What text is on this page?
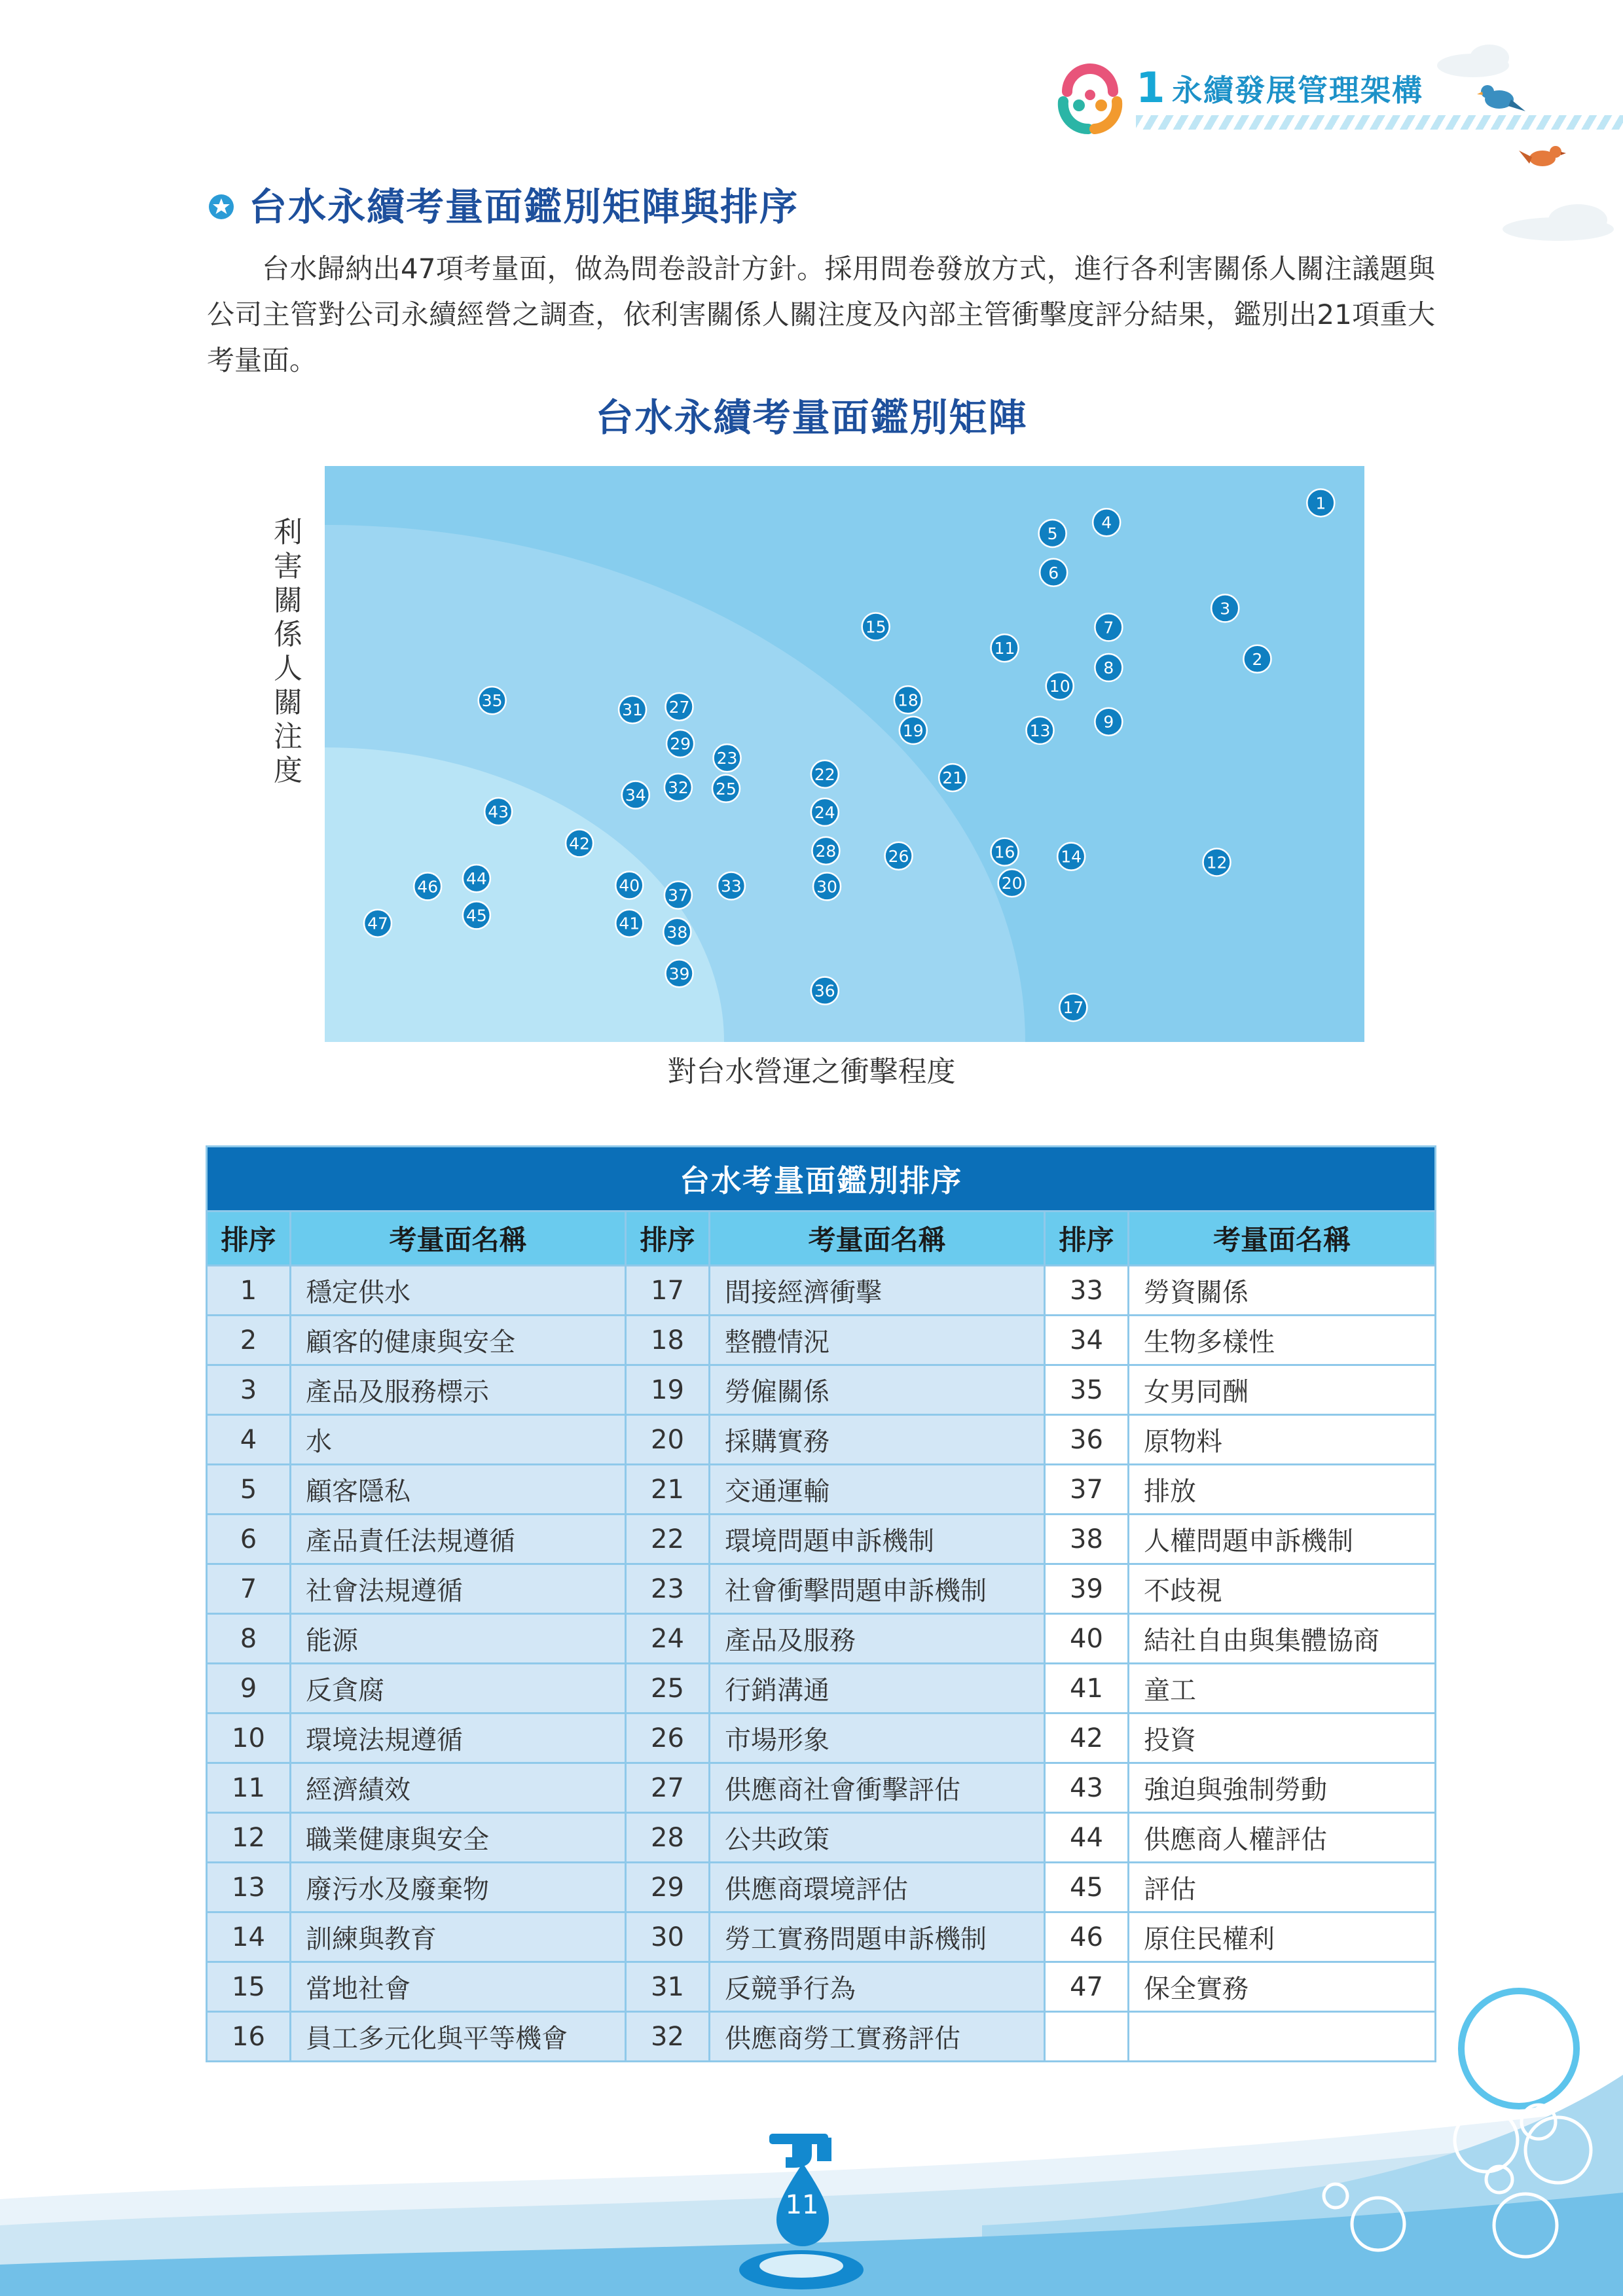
1 永續發展管理架構
台水永續考量面鑑別矩陣與排序
台水歸納出47項考量面，做為問卷設計方針。採用問卷發放方式，進行各利害關係人關注議題與公司主管對公司永續經營之調查，依利害關係人關注度及內部主管衝擊度評分結果，鑑別出21項重大考量面。
台水永續考量面鑑別矩陣
利害關係人關注度
1
2
3
4
5
6
7
8
9
10
11
12
13
14
15
16
17
18
19
20
21
22
23
24
25
26
27
28
29
30
31
32
33
34
35
36
37
38
39
40
41
42
43
44
45
46
47
對台水營運之衝擊程度
台水考量面鑑別排序					
排序	考量面名稱	排序	考量面名稱	排序	考量面名稱
1	穩定供水	17	間接經濟衝擊	33	勞資關係
2	顧客的健康與安全	18	整體情況	34	生物多樣性
3	產品及服務標示	19	勞僱關係	35	女男同酬
4	水	20	採購實務	36	原物料
5	顧客隱私	21	交通運輸	37	排放
6	產品責任法規遵循	22	環境問題申訴機制	38	人權問題申訴機制
7	社會法規遵循	23	社會衝擊問題申訴機制	39	不歧視
8	能源	24	產品及服務	40	結社自由與集體協商
9	反貪腐	25	行銷溝通	41	童工
10	環境法規遵循	26	市場形象	42	投資
11	經濟績效	27	供應商社會衝擊評估	43	強迫與強制勞動
12	職業健康與安全	28	公共政策	44	供應商人權評估
13	廢污水及廢棄物	29	供應商環境評估	45	評估
14	訓練與教育	30	勞工實務問題申訴機制	46	原住民權利
15	當地社會	31	反競爭行為	47	保全實務
16	員工多元化與平等機會	32	供應商勞工實務評估		
11
